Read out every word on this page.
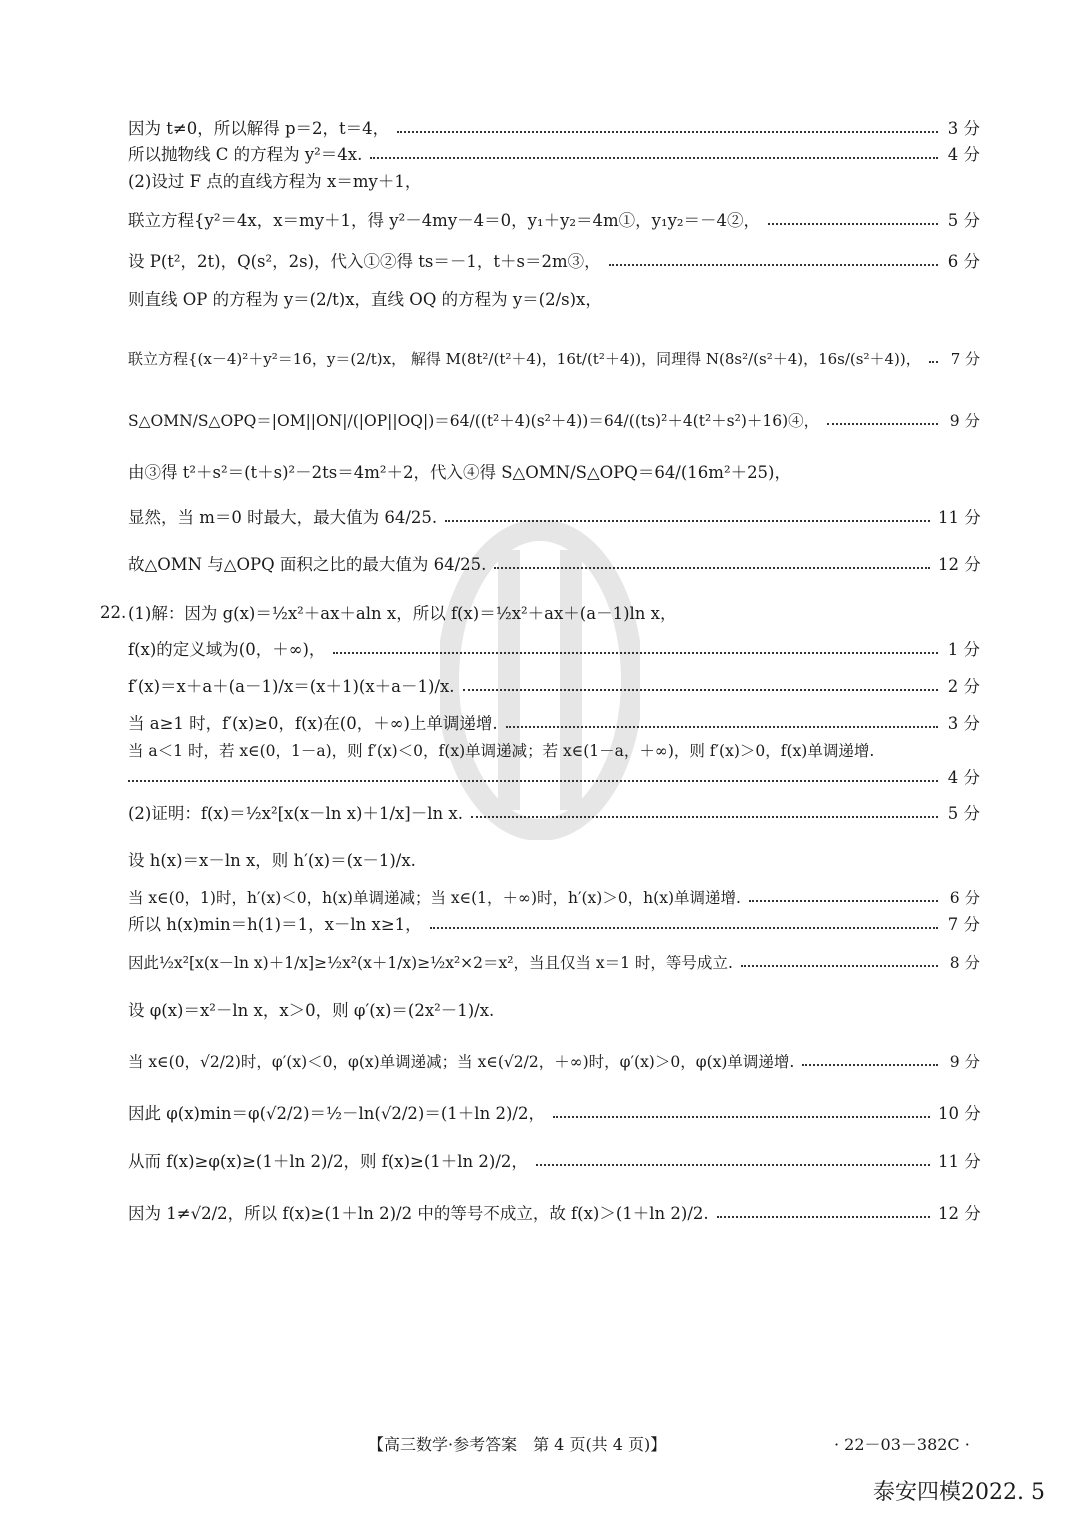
因为 t≠0，所以解得 p＝2，t＝4，	3 分
所以抛物线 C 的方程为 y²＝4x.	4 分
(2)设过 F 点的直线方程为 x＝my＋1，
联立方程{y²＝4x，x＝my＋1，得 y²－4my－4＝0，y₁＋y₂＝4m①，y₁y₂＝－4②，	5 分
设 P(t²，2t)，Q(s²，2s)，代入①②得 ts＝－1，t＋s＝2m③，	6 分
则直线 OP 的方程为 y＝(2/t)x，直线 OQ 的方程为 y＝(2/s)x，
联立方程{(x－4)²＋y²＝16，y＝(2/t)x， 解得 M(8t²/(t²＋4)，16t/(t²＋4))，同理得 N(8s²/(s²＋4)，16s/(s²＋4))，	7 分
S△OMN/S△OPQ＝|OM||ON|/(|OP||OQ|)＝64/((t²＋4)(s²＋4))＝64/((ts)²＋4(t²＋s²)＋16)④，	9 分
由③得 t²＋s²＝(t＋s)²－2ts＝4m²＋2，代入④得 S△OMN/S△OPQ＝64/(16m²＋25)，
显然，当 m＝0 时最大，最大值为 64/25.	11 分
故△OMN 与△OPQ 面积之比的最大值为 64/25.	12 分
22. (1)解：因为 g(x)＝½x²＋ax＋aln x，所以 f(x)＝½x²＋ax＋(a－1)ln x，
f(x)的定义域为(0，＋∞)，	1 分
f′(x)＝x＋a＋(a－1)/x＝(x＋1)(x＋a－1)/x.	2 分
当 a≥1 时，f′(x)≥0，f(x)在(0，＋∞)上单调递增.	3 分
当 a＜1 时，若 x∈(0，1－a)，则 f′(x)＜0，f(x)单调递减；若 x∈(1－a，＋∞)，则 f′(x)＞0，f(x)单调递增.
4 分
(2)证明：f(x)＝½x²[x(x－ln x)＋1/x]－ln x.	5 分
设 h(x)＝x－ln x，则 h′(x)＝(x－1)/x.
当 x∈(0，1)时，h′(x)＜0，h(x)单调递减；当 x∈(1，＋∞)时，h′(x)＞0，h(x)单调递增.	6 分
所以 h(x)min＝h(1)＝1，x－ln x≥1，	7 分
因此½x²[x(x－ln x)＋1/x]≥½x²(x＋1/x)≥½x²×2＝x²，当且仅当 x＝1 时，等号成立.	8 分
设 φ(x)＝x²－ln x，x＞0，则 φ′(x)＝(2x²－1)/x.
当 x∈(0，√2/2)时，φ′(x)＜0，φ(x)单调递减；当 x∈(√2/2，＋∞)时，φ′(x)＞0，φ(x)单调递增.	9 分
因此 φ(x)min＝φ(√2/2)＝½－ln(√2/2)＝(1＋ln 2)/2，	10 分
从而 f(x)≥φ(x)≥(1＋ln 2)/2，则 f(x)≥(1＋ln 2)/2，	11 分
因为 1≠√2/2，所以 f(x)≥(1＋ln 2)/2 中的等号不成立，故 f(x)＞(1＋ln 2)/2.	12 分
【高三数学·参考答案　第 4 页(共 4 页)】	· 22－03－382C ·
泰安四模2022. 5
